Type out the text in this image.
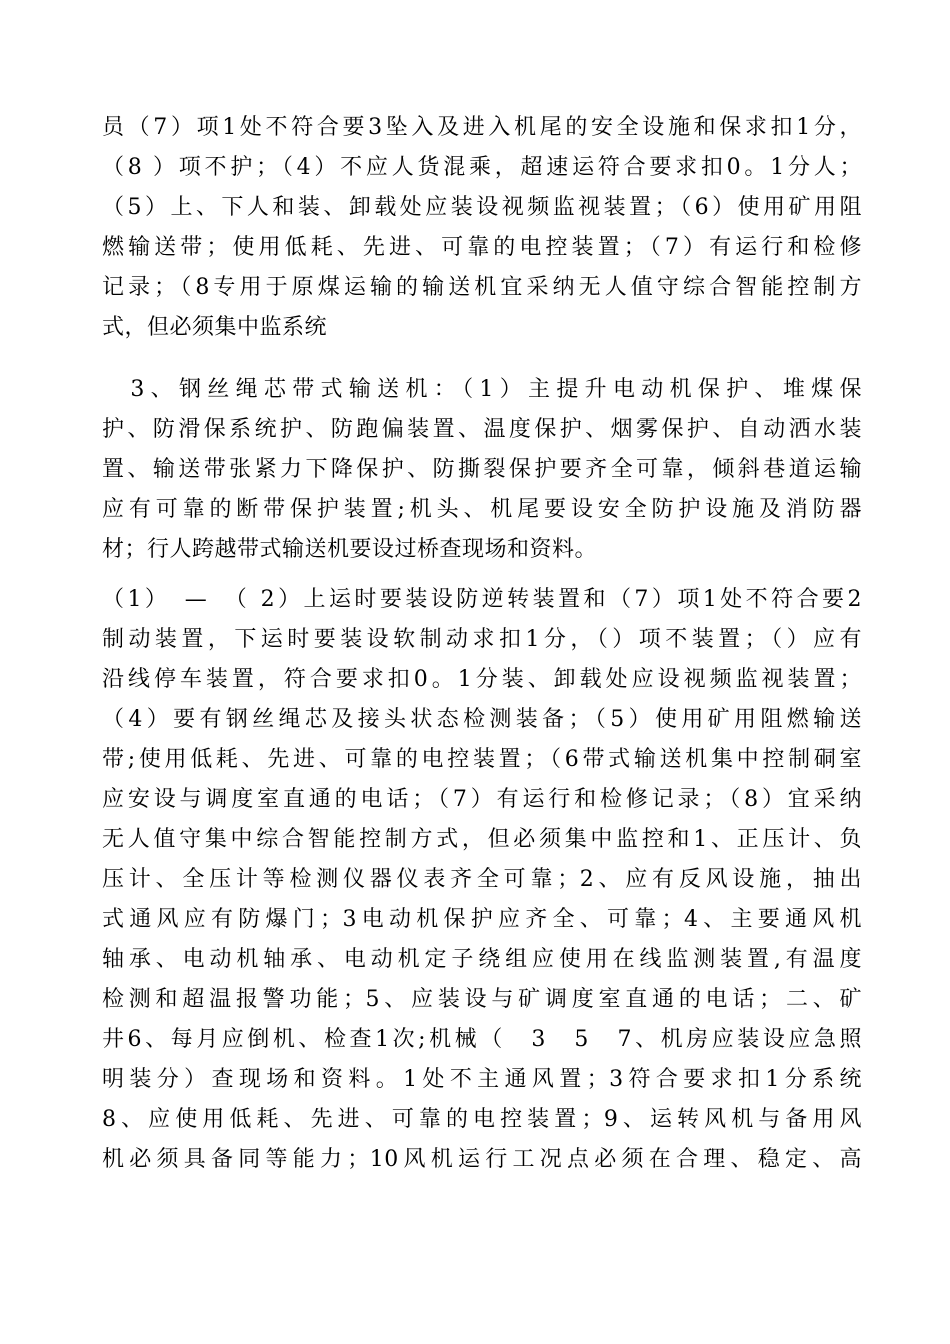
员（7）项1处不符合要3坠入及进入机尾的安全设施和保求扣1分，
（8 ）项不护；（4）不应人货混乘，超速运符合要求扣0。1分人；
（5）上、下人和装、卸载处应装设视频监视装置；（6）使用矿用阻
燃输送带；使用低耗、先进、可靠的电控装置；（7）有运行和检修
记录；（8专用于原煤运输的输送机宜采纳无人值守综合智能控制方
式，但必须集中监系统
　3、钢丝绳芯带式输送机：（1）主提升电动机保护、堆煤保
护、防滑保系统护、防跑偏装置、温度保护、烟雾保护、自动洒水装
置、输送带张紧力下降保护、防撕裂保护要齐全可靠，倾斜巷道运输
应有可靠的断带保护装置;机头、机尾要设安全防护设施及消防器
材；行人跨越带式输送机要设过桥查现场和资料。
（1）　—　（ 2）上运时要装设防逆转装置和（7）项1处不符合要2
制动装置，下运时要装设软制动求扣1分，（）项不装置；（）应有
沿线停车装置，符合要求扣0。1分装、卸载处应设视频监视装置；
（4）要有钢丝绳芯及接头状态检测装备；（5）使用矿用阻燃输送
带;使用低耗、先进、可靠的电控装置；（6带式输送机集中控制硐室
应安设与调度室直通的电话；（7）有运行和检修记录；（8）宜采纳
无人值守集中综合智能控制方式，但必须集中监控和1、正压计、负
压计、全压计等检测仪器仪表齐全可靠；2、应有反风设施，抽出
式通风应有防爆门；3电动机保护应齐全、可靠；4、主要通风机
轴承、电动机轴承、电动机定子绕组应使用在线监测装置,有温度
检测和超温报警功能；5、应装设与矿调度室直通的电话；二、矿
井6、每月应倒机、检查1次;机械（　3　5　7、机房应装设应急照
明装分）查现场和资料。1处不主通风置；3符合要求扣1分系统
8、应使用低耗、先进、可靠的电控装置；9、运转风机与备用风
机必须具备同等能力；10风机运行工况点必须在合理、稳定、高
